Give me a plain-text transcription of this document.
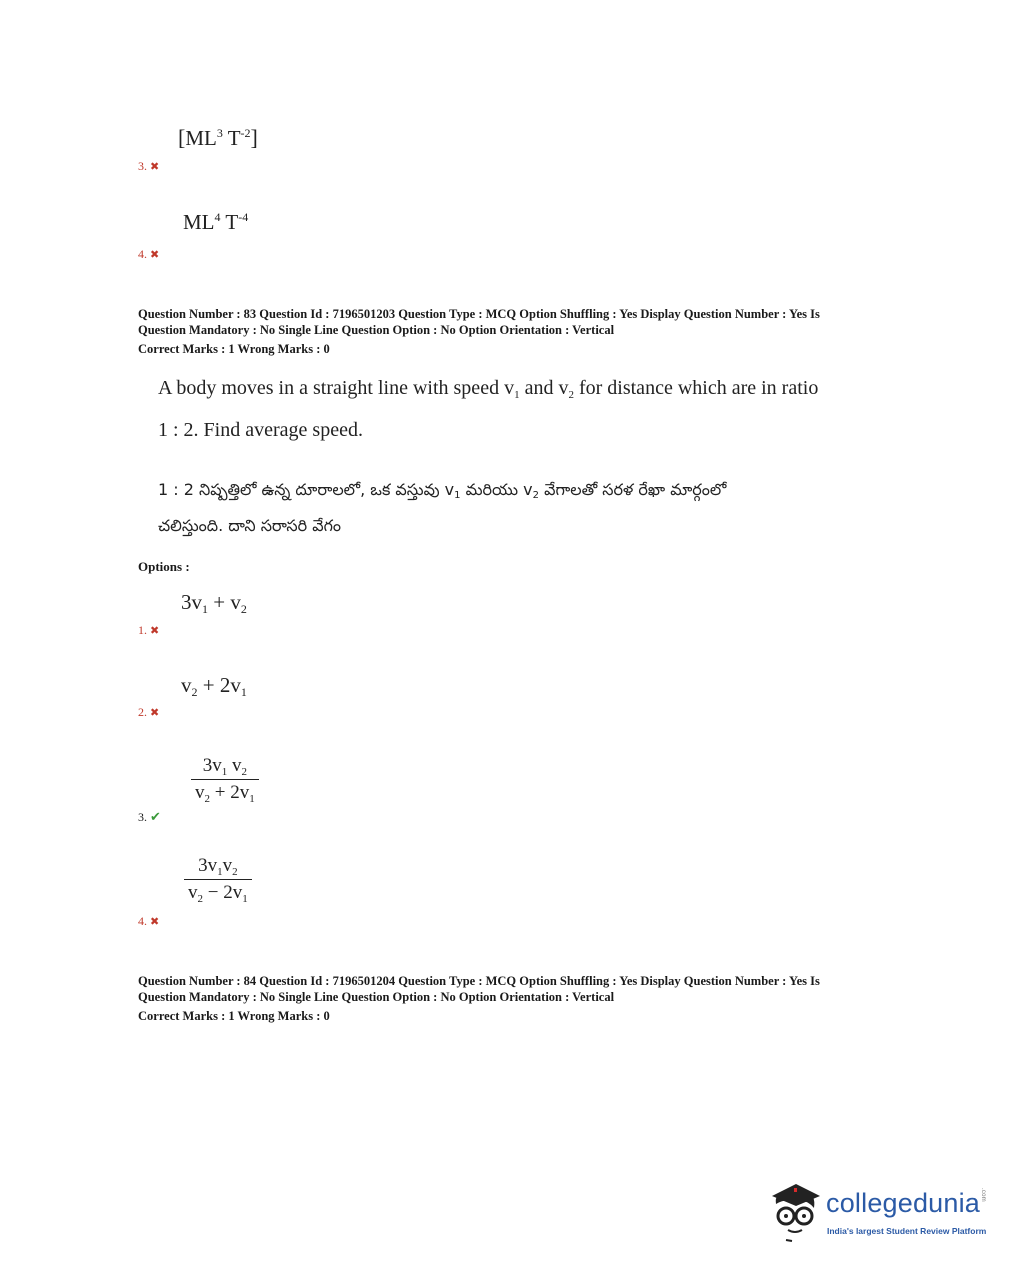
[$ML^3$ $T^{-2}$]
3. ✖
$ML^4$ $T^{-4}$
4. ✖
Question Number : 83 Question Id : 7196501203 Question Type : MCQ Option Shuffling : Yes Display Question Number : Yes Is
Question Mandatory : No Single Line Question Option : No Option Orientation : Vertical
Correct Marks : 1 Wrong Marks : 0
A body moves in a straight line with speed $v_1$ and $v_2$ for distance which are in ratio
1 : 2. Find average speed.
1 : 2 నిష్పత్తిలో ఉన్న దూరాలలో, ఒక వస్తువు $v_1$ మరియు $v_2$ వేగాలతో సరళ రేఖా మార్గంలో
చలిస్తుంది. దాని సరాసరి వేగం
Options :
$3v_1 + v_2$
1. ✖
$v_2 + 2v_1$
2. ✖
$\frac{3v_1 v_2}{v_2 + 2v_1}$
3. ✔
$\frac{3v_1v_2}{v_2 - 2v_1}$
4. ✖
Question Number : 84 Question Id : 7196501204 Question Type : MCQ Option Shuffling : Yes Display Question Number : Yes Is
Question Mandatory : No Single Line Question Option : No Option Orientation : Vertical
Correct Marks : 1 Wrong Marks : 0
collegedunia.com
India's largest Student Review Platform
